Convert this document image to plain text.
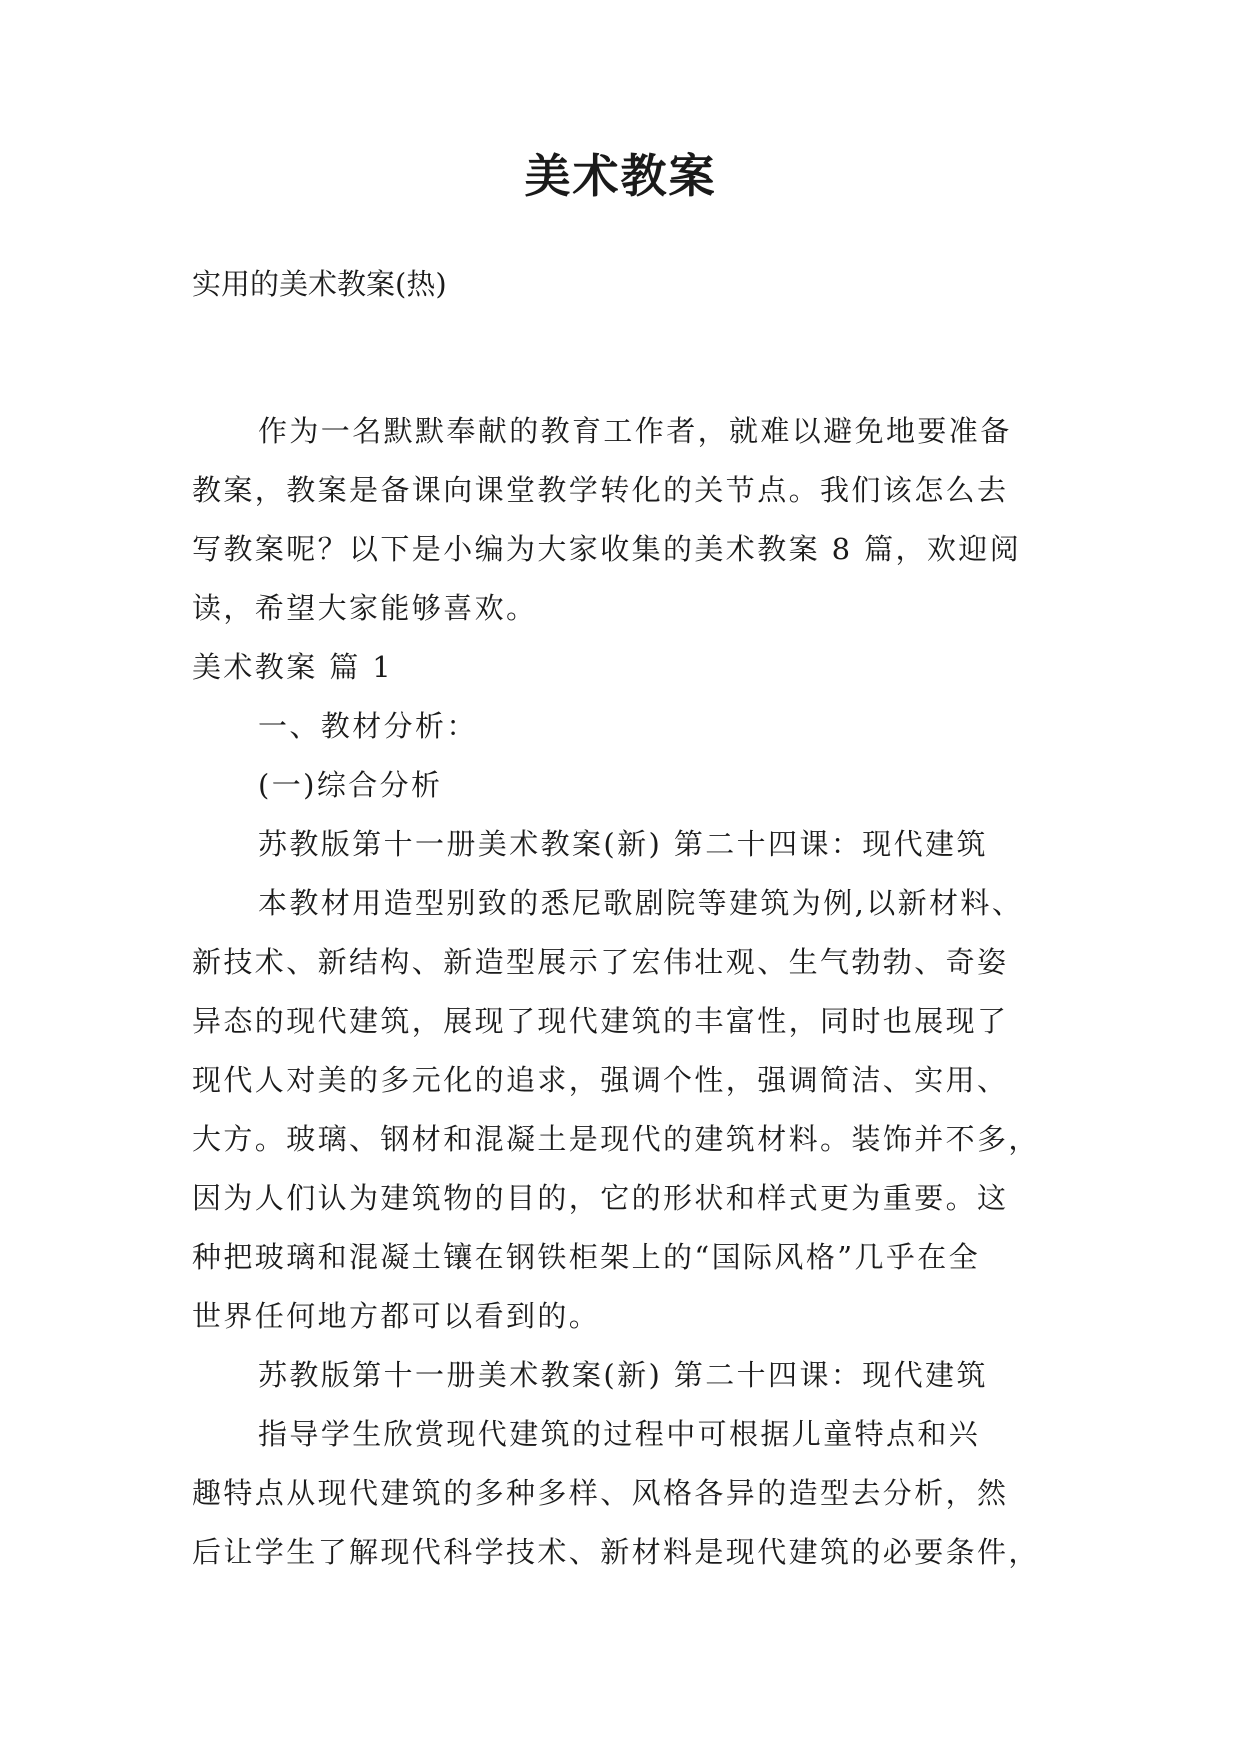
美术教案

实用的美术教案(热)

作为一名默默奉献的教育工作者，就难以避免地要准备
教案，教案是备课向课堂教学转化的关节点。我们该怎么去
写教案呢？以下是小编为大家收集的美术教案 8 篇，欢迎阅
读，希望大家能够喜欢。
美术教案 篇 1
一、教材分析：
(一)综合分析
苏教版第十一册美术教案(新) 第二十四课：现代建筑
本教材用造型别致的悉尼歌剧院等建筑为例,以新材料、
新技术、新结构、新造型展示了宏伟壮观、生气勃勃、奇姿
异态的现代建筑，展现了现代建筑的丰富性，同时也展现了
现代人对美的多元化的追求，强调个性，强调简洁、实用、
大方。玻璃、钢材和混凝土是现代的建筑材料。装饰并不多，
因为人们认为建筑物的目的，它的形状和样式更为重要。这
种把玻璃和混凝土镶在钢铁柜架上的“国际风格”几乎在全
世界任何地方都可以看到的。
苏教版第十一册美术教案(新) 第二十四课：现代建筑
指导学生欣赏现代建筑的过程中可根据儿童特点和兴
趣特点从现代建筑的多种多样、风格各异的造型去分析，然
后让学生了解现代科学技术、新材料是现代建筑的必要条件，
